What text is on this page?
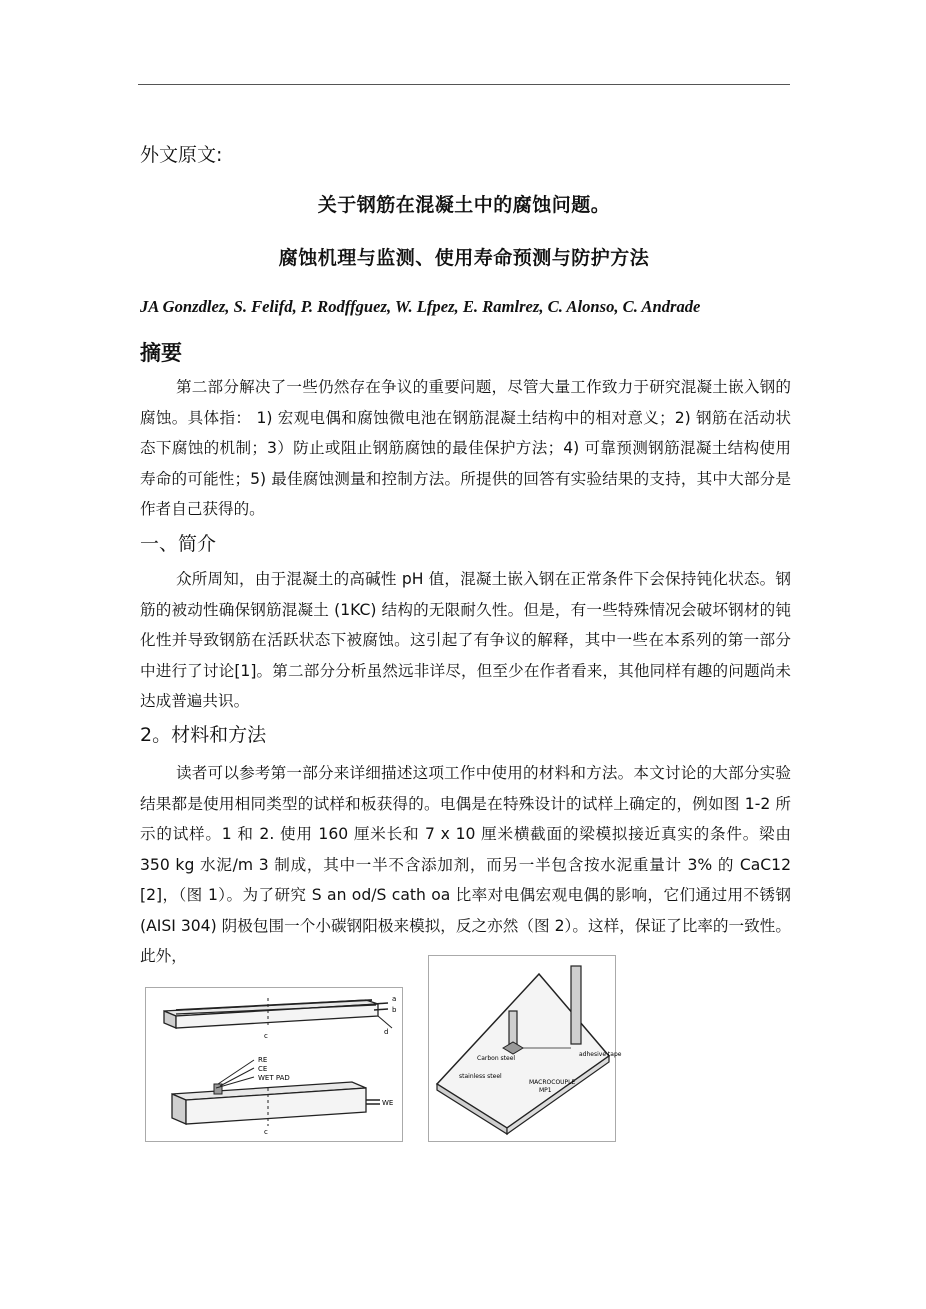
外文原文:
关于钢筋在混凝土中的腐蚀问题。
腐蚀机理与监测、使用寿命预测与防护方法
JA Gonzdlez, S. Felifd, P. Rodffguez, W. Lfpez, E. Ramlrez, C. Alonso, C. Andrade
摘要
第二部分解决了一些仍然存在争议的重要问题，尽管大量工作致力于研究混凝土嵌入钢的腐蚀。具体指： 1) 宏观电偶和腐蚀微电池在钢筋混凝土结构中的相对意义；2) 钢筋在活动状态下腐蚀的机制；3）防止或阻止钢筋腐蚀的最佳保护方法；4) 可靠预测钢筋混凝土结构使用寿命的可能性；5) 最佳腐蚀测量和控制方法。所提供的回答有实验结果的支持，其中大部分是作者自己获得的。
一、简介
众所周知，由于混凝土的高碱性 pH 值，混凝土嵌入钢在正常条件下会保持钝化状态。钢筋的被动性确保钢筋混凝土 (1KC) 结构的无限耐久性。但是，有一些特殊情况会破坏钢材的钝化性并导致钢筋在活跃状态下被腐蚀。这引起了有争议的解释，其中一些在本系列的第一部分中进行了讨论[1]。第二部分分析虽然远非详尽，但至少在作者看来，其他同样有趣的问题尚未达成普遍共识。
2。材料和方法
读者可以参考第一部分来详细描述这项工作中使用的材料和方法。本文讨论的大部分实验结果都是使用相同类型的试样和板获得的。电偶是在特殊设计的试样上确定的，例如图 1-2 所示的试样。1 和 2. 使用 160 厘米长和 7 x 10 厘米横截面的梁模拟接近真实的条件。梁由 350 kg 水泥/m 3 制成，其中一半不含添加剂，而另一半包含按水泥重量计 3% 的 CaC12 [2]，（图 1）。为了研究 S an od/S cath oa 比率对电偶宏观电偶的影响，它们通过用不锈钢 (AISI 304) 阴极包围一个小碳钢阳极来模拟，反之亦然（图 2）。这样，保证了比率的一致性。此外，
a
b
c	d
RE
CE
WET PAD
WE
c
Carbon steel
adhesive tape
stainless steel
MACROCOUPLE
MP1
